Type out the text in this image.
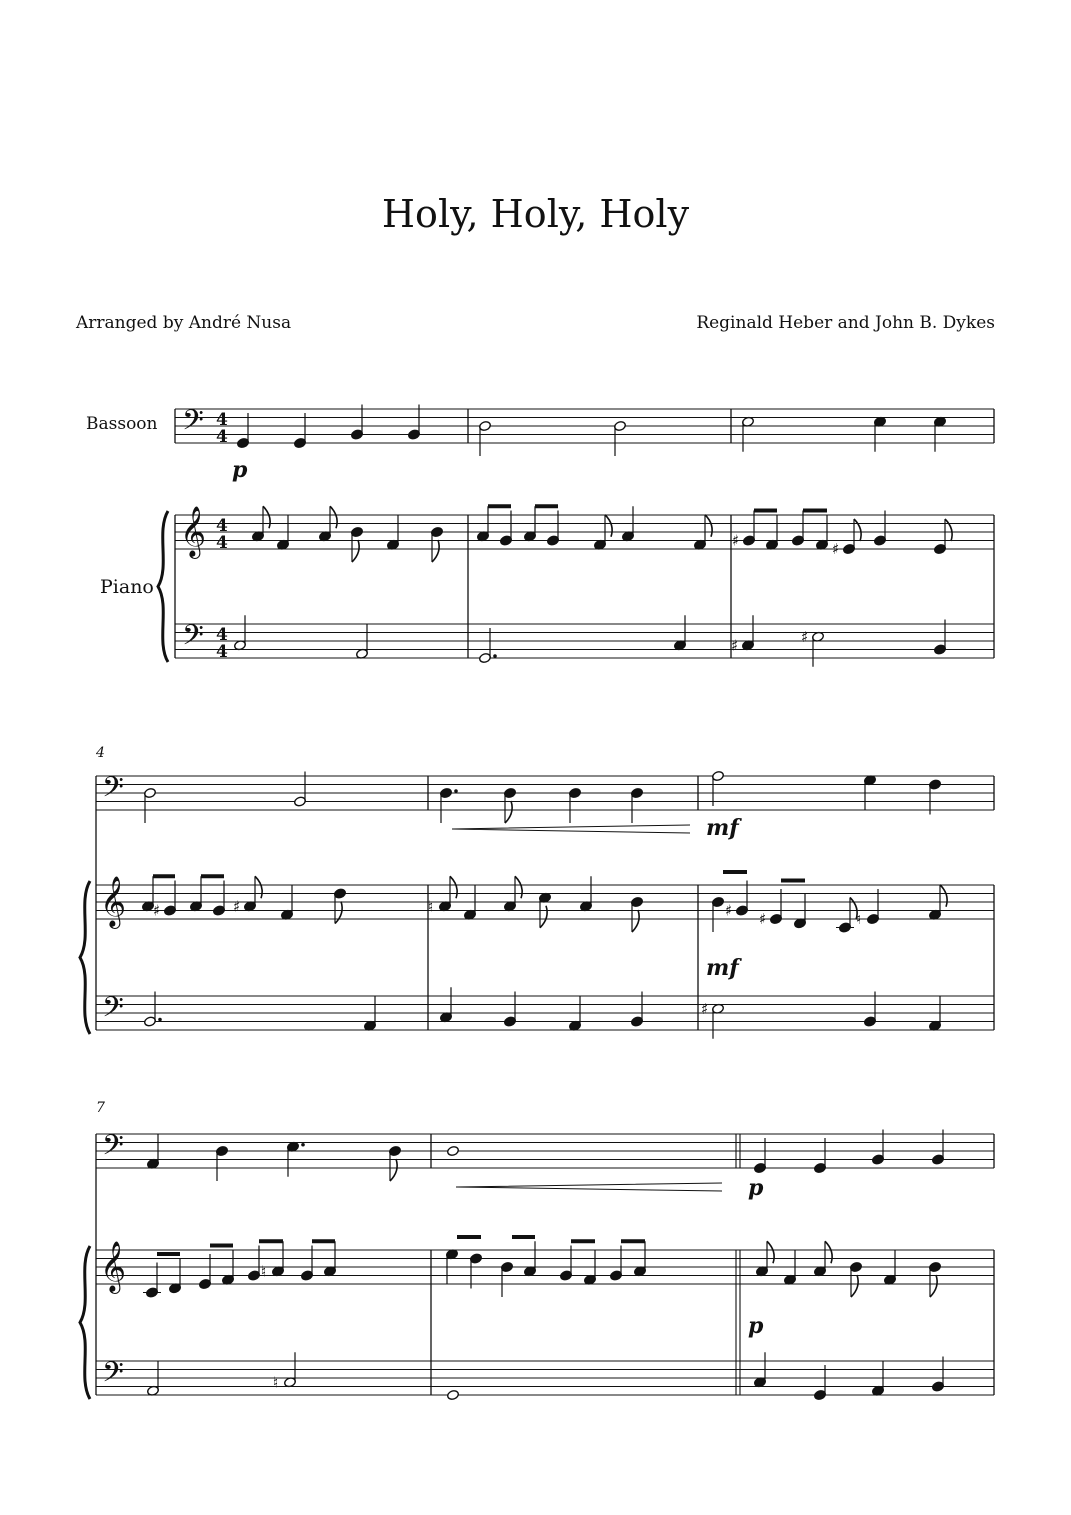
Holy, Holy, Holy
Arranged by André Nusa	Reginald Heber and John B. Dykes
Bassoon
Piano
4
7
p
mf
mf
p
p
𝄢
𝄞
𝄢
4
4
4
4
4
4
♯	♯
♯	♯
𝄢
𝄞
𝄢
♯	♯	♮	♯ ♯	♮
♯
𝄢
𝄞
𝄢
♮
♮
